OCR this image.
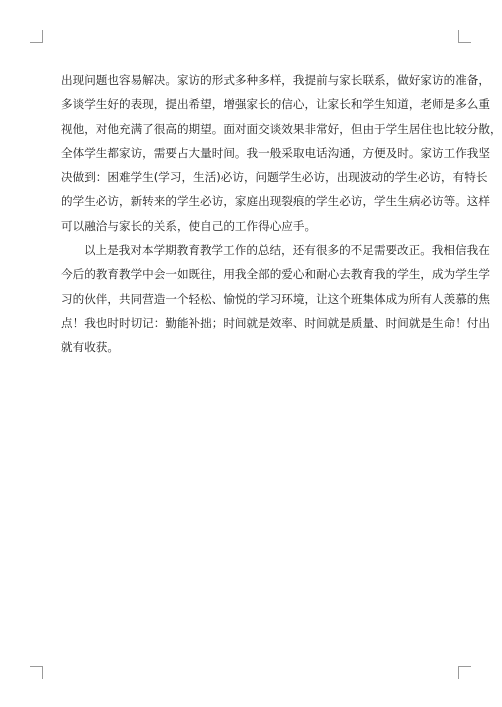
出现问题也容易解决。家访的形式多种多样，我提前与家长联系，做好家访的准备，
多谈学生好的表现，提出希望，增强家长的信心，让家长和学生知道，老师是多么重
视他，对他充满了很高的期望。面对面交谈效果非常好，但由于学生居住也比较分散，
全体学生都家访，需要占大量时间。我一般采取电话沟通，方便及时。家访工作我坚
决做到：困难学生(学习，生活)必访，问题学生必访，出现波动的学生必访，有特长
的学生必访，新转来的学生必访，家庭出现裂痕的学生必访，学生生病必访等。这样
可以融洽与家长的关系，使自己的工作得心应手。
以上是我对本学期教育教学工作的总结，还有很多的不足需要改正。我相信我在
今后的教育教学中会一如既往，用我全部的爱心和耐心去教育我的学生，成为学生学
习的伙伴，共同营造一个轻松、愉悦的学习环境，让这个班集体成为所有人羡慕的焦
点！我也时时切记：勤能补拙；时间就是效率、时间就是质量、时间就是生命！付出
就有收获。
